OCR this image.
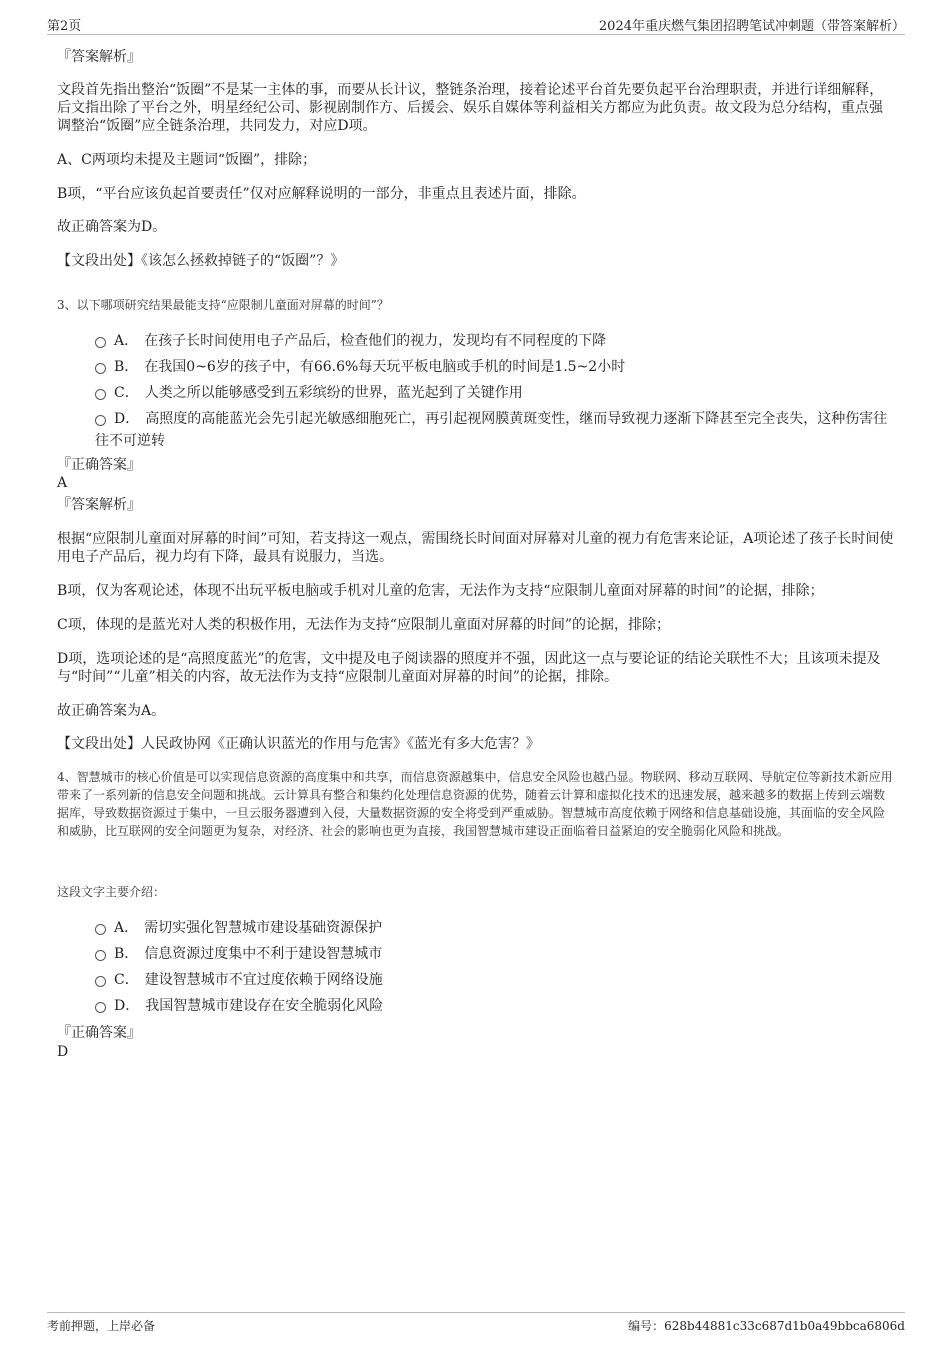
第2页	2024年重庆燃气集团招聘笔试冲刺题（带答案解析）
『答案解析』
文段首先指出整治“饭圈”不是某一主体的事，而要从长计议，整链条治理，接着论述平台首先要负起平台治理职责，并进行详细解释，后文指出除了平台之外，明星经纪公司、影视剧制作方、后援会、娱乐自媒体等利益相关方都应为此负责。故文段为总分结构，重点强调整治“饭圈”应全链条治理，共同发力，对应D项。
A、C两项均未提及主题词“饭圈”，排除；
B项，“平台应该负起首要责任”仅对应解释说明的一部分，非重点且表述片面，排除。
故正确答案为D。
【文段出处】《该怎么拯救掉链子的“饭圈”？》
3、以下哪项研究结果最能支持“应限制儿童面对屏幕的时间”？
A． 在孩子长时间使用电子产品后，检查他们的视力，发现均有不同程度的下降
B． 在我国0~6岁的孩子中，有66.6%每天玩平板电脑或手机的时间是1.5~2小时
C． 人类之所以能够感受到五彩缤纷的世界，蓝光起到了关键作用
D． 高照度的高能蓝光会先引起光敏感细胞死亡，再引起视网膜黄斑变性，继而导致视力逐渐下降甚至完全丧失，这种伤害往往不可逆转
『正确答案』
A
『答案解析』
根据“应限制儿童面对屏幕的时间”可知，若支持这一观点，需围绕长时间面对屏幕对儿童的视力有危害来论证，A项论述了孩子长时间使用电子产品后，视力均有下降，最具有说服力，当选。
B项，仅为客观论述，体现不出玩平板电脑或手机对儿童的危害，无法作为支持“应限制儿童面对屏幕的时间”的论据，排除；
C项，体现的是蓝光对人类的积极作用，无法作为支持“应限制儿童面对屏幕的时间”的论据，排除；
D项，选项论述的是“高照度蓝光”的危害，文中提及电子阅读器的照度并不强，因此这一点与要论证的结论关联性不大；且该项未提及与“时间”“儿童”相关的内容，故无法作为支持“应限制儿童面对屏幕的时间”的论据，排除。
故正确答案为A。
【文段出处】人民政协网《正确认识蓝光的作用与危害》《蓝光有多大危害？》
4、智慧城市的核心价值是可以实现信息资源的高度集中和共享，而信息资源越集中，信息安全风险也越凸显。物联网、移动互联网、导航定位等新技术新应用带来了一系列新的信息安全问题和挑战。云计算具有整合和集约化处理信息资源的优势，随着云计算和虚拟化技术的迅速发展，越来越多的数据上传到云端数据库，导致数据资源过于集中，一旦云服务器遭到入侵，大量数据资源的安全将受到严重威胁。智慧城市高度依赖于网络和信息基础设施，其面临的安全风险和威胁，比互联网的安全问题更为复杂，对经济、社会的影响也更为直接，我国智慧城市建设正面临着日益紧迫的安全脆弱化风险和挑战。
这段文字主要介绍：
A． 需切实强化智慧城市建设基础资源保护
B． 信息资源过度集中不利于建设智慧城市
C． 建设智慧城市不宜过度依赖于网络设施
D． 我国智慧城市建设存在安全脆弱化风险
『正确答案』
D
考前押题，上岸必备	编号：628b44881c33c687d1b0a49bbca6806d
